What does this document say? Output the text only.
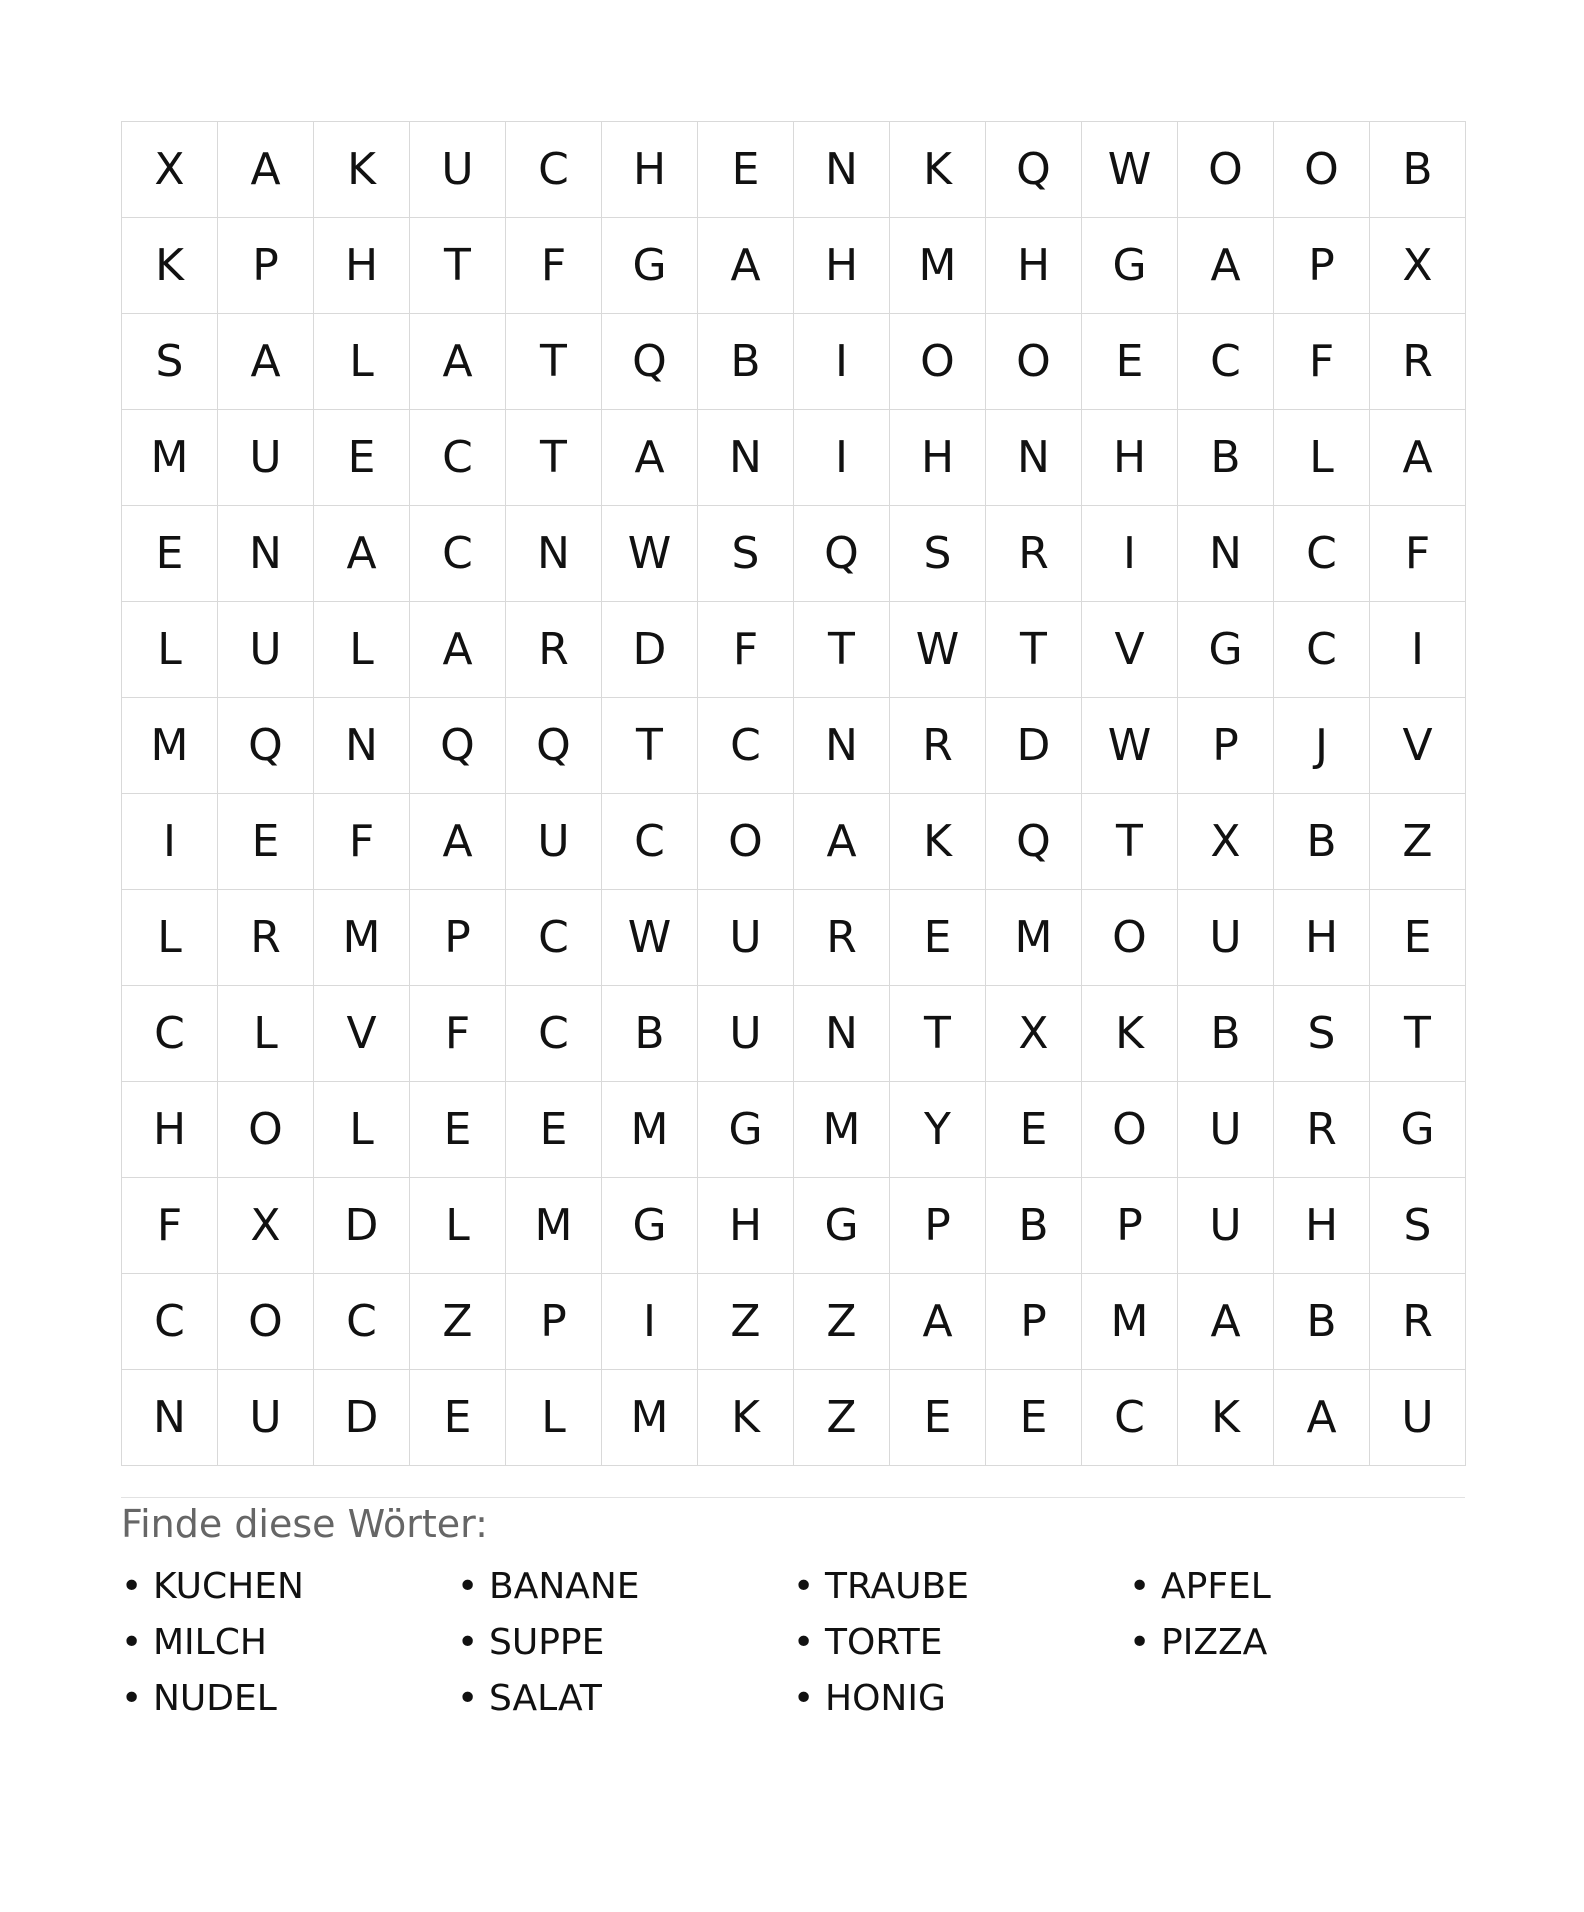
X	A	K	U	C	H	E	N	K	Q	W	O	O	B
K	P	H	T	F	G	A	H	M	H	G	A	P	X
S	A	L	A	T	Q	B	I	O	O	E	C	F	R
M	U	E	C	T	A	N	I	H	N	H	B	L	A
E	N	A	C	N	W	S	Q	S	R	I	N	C	F
L	U	L	A	R	D	F	T	W	T	V	G	C	I
M	Q	N	Q	Q	T	C	N	R	D	W	P	J	V
I	E	F	A	U	C	O	A	K	Q	T	X	B	Z
L	R	M	P	C	W	U	R	E	M	O	U	H	E
C	L	V	F	C	B	U	N	T	X	K	B	S	T
H	O	L	E	E	M	G	M	Y	E	O	U	R	G
F	X	D	L	M	G	H	G	P	B	P	U	H	S
C	O	C	Z	P	I	Z	Z	A	P	M	A	B	R
N	U	D	E	L	M	K	Z	E	E	C	K	A	U
Finde diese Wörter:
• KUCHEN
• MILCH
• NUDEL
• BANANE
• SUPPE
• SALAT
• TRAUBE
• TORTE
• HONIG
• APFEL
• PIZZA
